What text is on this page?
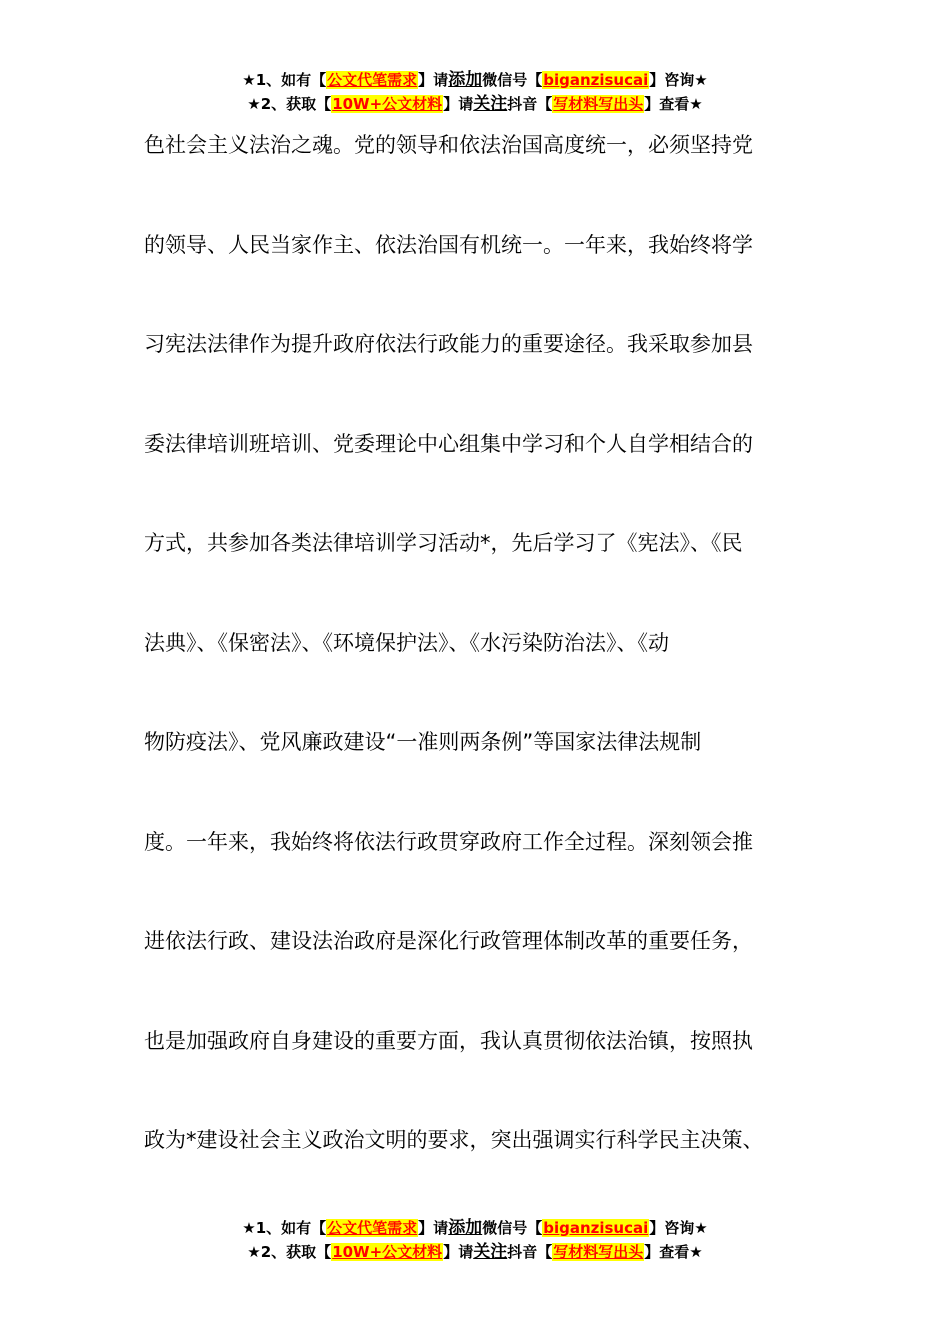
★1、如有【公文代笔需求】请添加微信号【biganzisucai】咨询★
★2、获取【10W+公文材料】请关注抖音【写材料写出头】查看★
色社会主义法治之魂。党的领导和依法治国高度统一，必须坚持党
的领导、人民当家作主、依法治国有机统一。一年来，我始终将学
习宪法法律作为提升政府依法行政能力的重要途径。我采取参加县
委法律培训班培训、党委理论中心组集中学习和个人自学相结合的
方式，共参加各类法律培训学习活动*，先后学习了《宪法》、《民
法典》、《保密法》、《环境保护法》、《水污染防治法》、《动
物防疫法》、党风廉政建设“一准则两条例”等国家法律法规制
度。一年来，我始终将依法行政贯穿政府工作全过程。深刻领会推
进依法行政、建设法治政府是深化行政管理体制改革的重要任务，
也是加强政府自身建设的重要方面，我认真贯彻依法治镇，按照执
政为*建设社会主义政治文明的要求，突出强调实行科学民主决策、
★1、如有【公文代笔需求】请添加微信号【biganzisucai】咨询★
★2、获取【10W+公文材料】请关注抖音【写材料写出头】查看★
